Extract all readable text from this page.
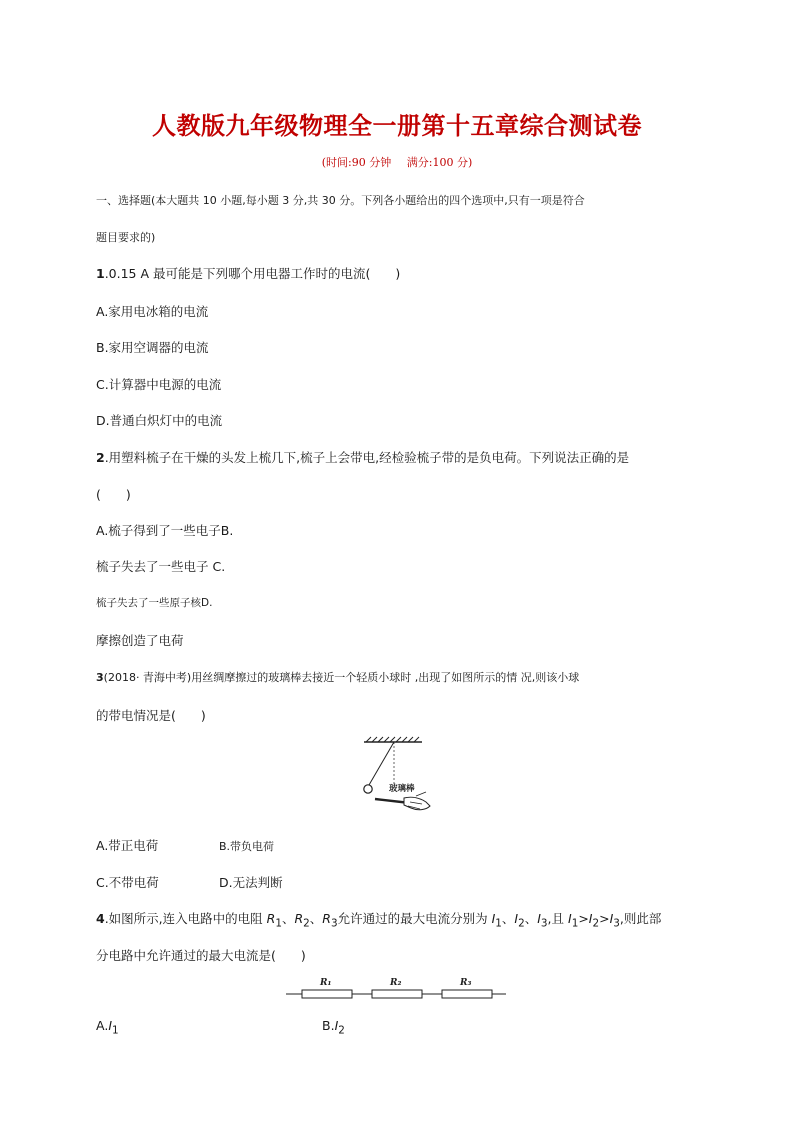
人教版九年级物理全一册第十五章综合测试卷
(时间:90 分钟 满分:100 分)
一、选择题(本大题共 10 小题,每小题 3 分,共 30 分。下列各小题给出的四个选项中,只有一项是符合
题目要求的)
1.0.15 A 最可能是下列哪个用电器工作时的电流(　　)
A.家用电冰箱的电流
B.家用空调器的电流
C.计算器中电源的电流
D.普通白炽灯中的电流
2.用塑料梳子在干燥的头发上梳几下,梳子上会带电,经检验梳子带的是负电荷。下列说法正确的是
(　　)
A.梳子得到了一些电子B.
梳子失去了一些电子 C.
梳子失去了一些原子核D.
摩擦创造了电荷
3(2018· 青海中考)用丝绸摩擦过的玻璃棒去接近一个轻质小球时 ,出现了如图所示的情 况,则该小球
的带电情况是(　　)
玻璃棒
A.带正电荷	B.带负电荷
C.不带电荷	D.无法判断
4.如图所示,连入电路中的电阻 $R_1$、$R_2$、$R_3$允许通过的最大电流分别为 $I_1$、$I_2$、$I_3$,且 $I_1>I_2>I_3$,则此部
分电路中允许通过的最大电流是(　　)
R₁	R₂	R₃
$A.I_1$	$B.I_2$
